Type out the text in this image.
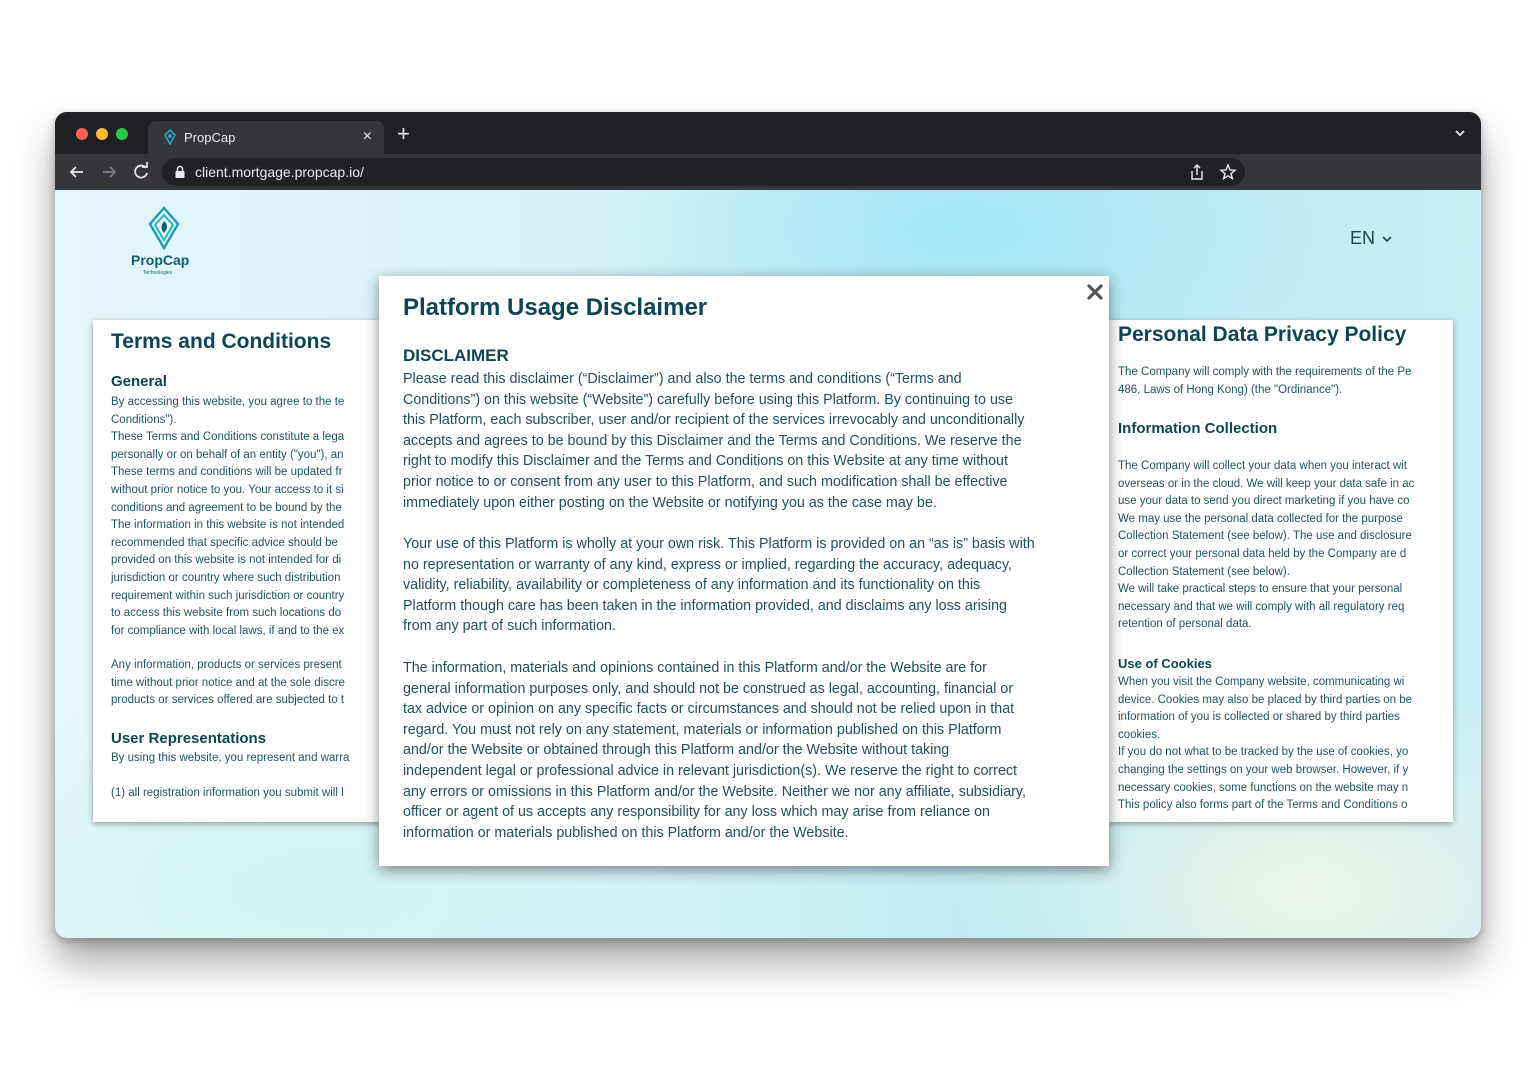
PropCap	× +
client.mortgage.propcap.io/
PropCap
Technologies
EN
Terms and Conditions
General
By accessing this website, you agree to the te
Conditions").
These Terms and Conditions constitute a lega
personally or on behalf of an entity ("you"), an
These terms and conditions will be updated fr
without prior notice to you. Your access to it si
conditions and agreement to be bound by the
The information in this website is not intended
recommended that specific advice should be
provided on this website is not intended for di
jurisdiction or country where such distribution
requirement within such jurisdiction or country
to access this website from such locations do
for compliance with local laws, if and to the ex
Any information, products or services present
time without prior notice and at the sole discre
products or services offered are subjected to t
User Representations
By using this website, you represent and warra
(1) all registration information you submit will l
Personal Data Privacy Policy
The Company will comply with the requirements of the Pe
486, Laws of Hong Kong) (the "Ordinance").
Information Collection
The Company will collect your data when you interact wit
overseas or in the cloud. We will keep your data safe in ac
use your data to send you direct marketing if you have co
We may use the personal data collected for the purpose
Collection Statement (see below). The use and disclosure
or correct your personal data held by the Company are d
Collection Statement (see below).
We will take practical steps to ensure that your personal
necessary and that we will comply with all regulatory req
retention of personal data.
Use of Cookies
When you visit the Company website, communicating wi
device. Cookies may also be placed by third parties on be
information of you is collected or shared by third parties
cookies.
If you do not what to be tracked by the use of cookies, yo
changing the settings on your web browser. However, if y
necessary cookies, some functions on the website may n
This policy also forms part of the Terms and Conditions o
Platform Usage Disclaimer
DISCLAIMER
Please read this disclaimer (“Disclaimer”) and also the terms and conditions (“Terms and
Conditions”) on this website (“Website”) carefully before using this Platform. By continuing to use
this Platform, each subscriber, user and/or recipient of the services irrevocably and unconditionally
accepts and agrees to be bound by this Disclaimer and the Terms and Conditions. We reserve the
right to modify this Disclaimer and the Terms and Conditions on this Website at any time without
prior notice to or consent from any user to this Platform, and such modification shall be effective
immediately upon either posting on the Website or notifying you as the case may be.
Your use of this Platform is wholly at your own risk. This Platform is provided on an “as is” basis with
no representation or warranty of any kind, express or implied, regarding the accuracy, adequacy,
validity, reliability, availability or completeness of any information and its functionality on this
Platform though care has been taken in the information provided, and disclaims any loss arising
from any part of such information.
The information, materials and opinions contained in this Platform and/or the Website are for
general information purposes only, and should not be construed as legal, accounting, financial or
tax advice or opinion on any specific facts or circumstances and should not be relied upon in that
regard. You must not rely on any statement, materials or information published on this Platform
and/or the Website or obtained through this Platform and/or the Website without taking
independent legal or professional advice in relevant jurisdiction(s). We reserve the right to correct
any errors or omissions in this Platform and/or the Website. Neither we nor any affiliate, subsidiary,
officer or agent of us accepts any responsibility for any loss which may arise from reliance on
information or materials published on this Platform and/or the Website.
